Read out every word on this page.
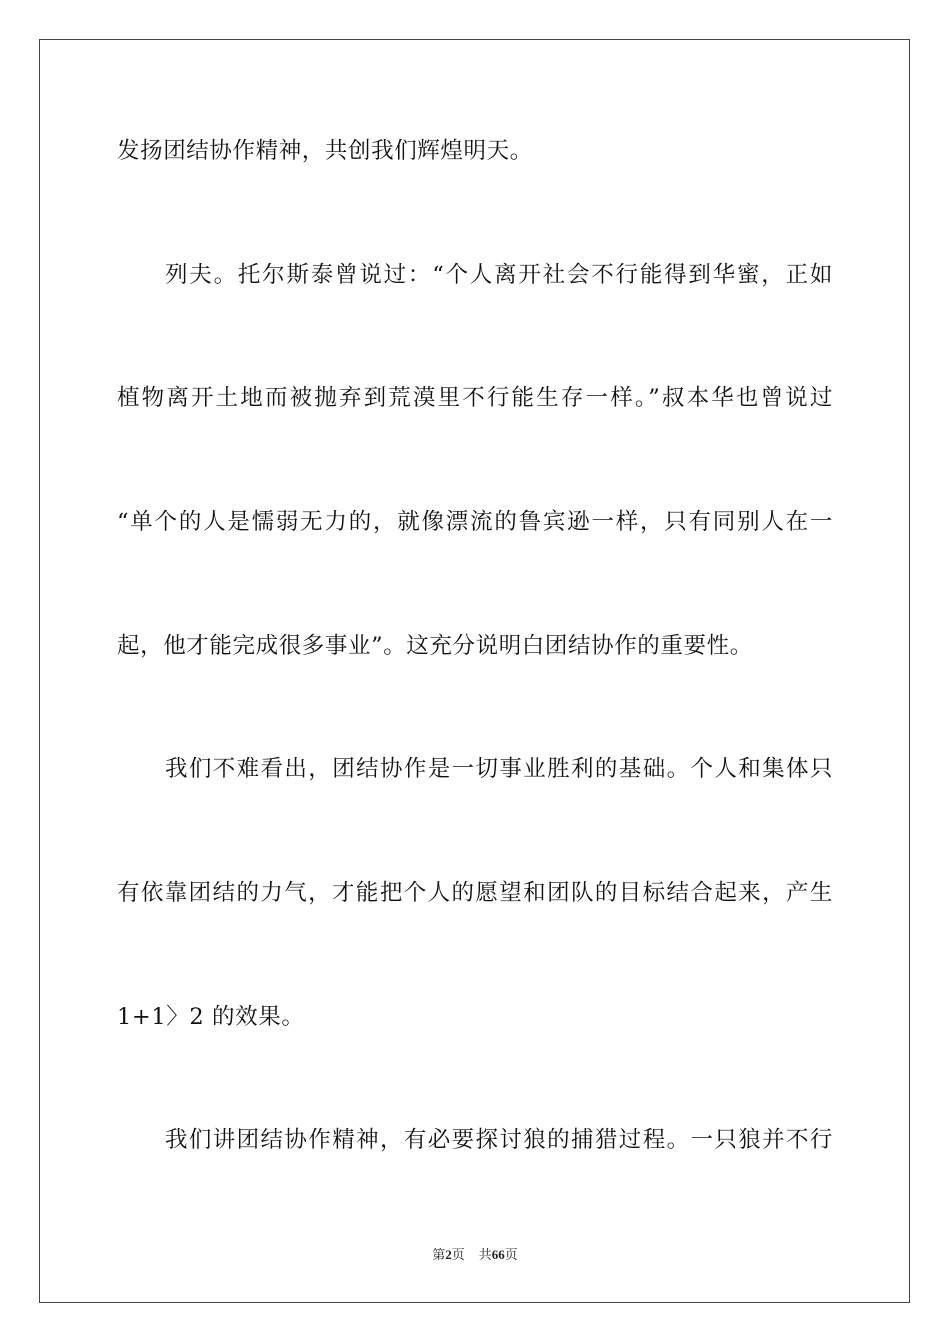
发扬团结协作精神，共创我们辉煌明天。
列夫。托尔斯泰曾说过：“个人离开社会不行能得到华蜜，正如
植物离开土地而被抛弃到荒漠里不行能生存一样。”叔本华也曾说过
“单个的人是懦弱无力的，就像漂流的鲁宾逊一样，只有同别人在一
起，他才能完成很多事业”。这充分说明白团结协作的重要性。
我们不难看出，团结协作是一切事业胜利的基础。个人和集体只
有依靠团结的力气，才能把个人的愿望和团队的目标结合起来，产生
1+1〉2 的效果。
我们讲团结协作精神，有必要探讨狼的捕猎过程。一只狼并不行
第2页 共66页
